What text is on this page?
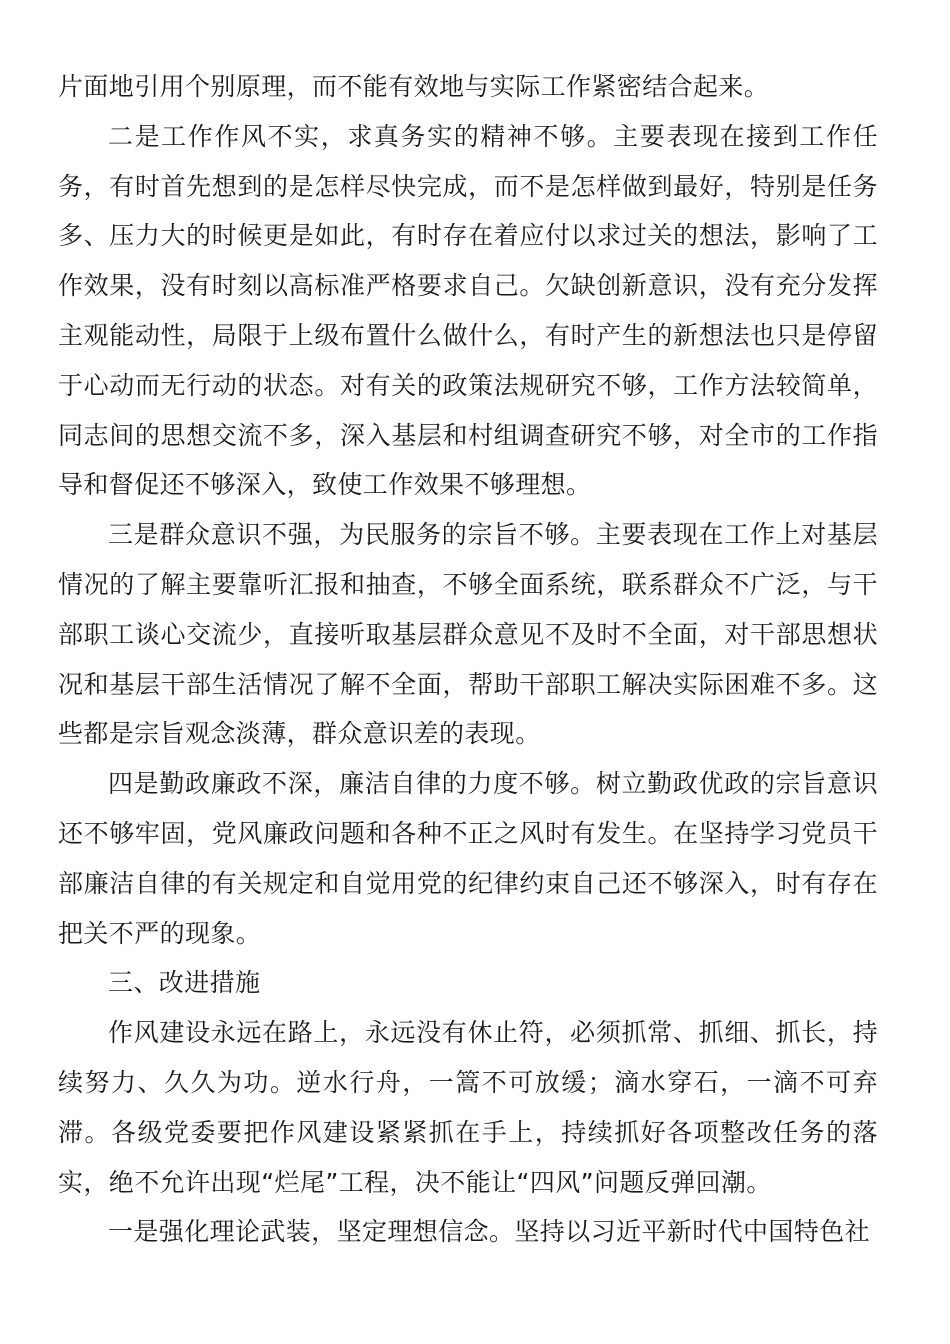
片面地引用个别原理，而不能有效地与实际工作紧密结合起来。

二是工作作风不实，求真务实的精神不够。主要表现在接到工作任务，有时首先想到的是怎样尽快完成，而不是怎样做到最好，特别是任务多、压力大的时候更是如此，有时存在着应付以求过关的想法，影响了工作效果，没有时刻以高标准严格要求自己。欠缺创新意识，没有充分发挥主观能动性，局限于上级布置什么做什么，有时产生的新想法也只是停留于心动而无行动的状态。对有关的政策法规研究不够，工作方法较简单，同志间的思想交流不多，深入基层和村组调查研究不够，对全市的工作指导和督促还不够深入，致使工作效果不够理想。

三是群众意识不强，为民服务的宗旨不够。主要表现在工作上对基层情况的了解主要靠听汇报和抽查，不够全面系统，联系群众不广泛，与干部职工谈心交流少，直接听取基层群众意见不及时不全面，对干部思想状况和基层干部生活情况了解不全面，帮助干部职工解决实际困难不多。这些都是宗旨观念淡薄，群众意识差的表现。

四是勤政廉政不深，廉洁自律的力度不够。树立勤政优政的宗旨意识还不够牢固，党风廉政问题和各种不正之风时有发生。在坚持学习党员干部廉洁自律的有关规定和自觉用党的纪律约束自己还不够深入，时有存在把关不严的现象。

三、改进措施

作风建设永远在路上，永远没有休止符，必须抓常、抓细、抓长，持续努力、久久为功。逆水行舟，一篙不可放缓；滴水穿石，一滴不可弃滞。各级党委要把作风建设紧紧抓在手上，持续抓好各项整改任务的落实，绝不允许出现“烂尾”工程，决不能让“四风”问题反弹回潮。

一是强化理论武装，坚定理想信念。坚持以习近平新时代中国特色社
